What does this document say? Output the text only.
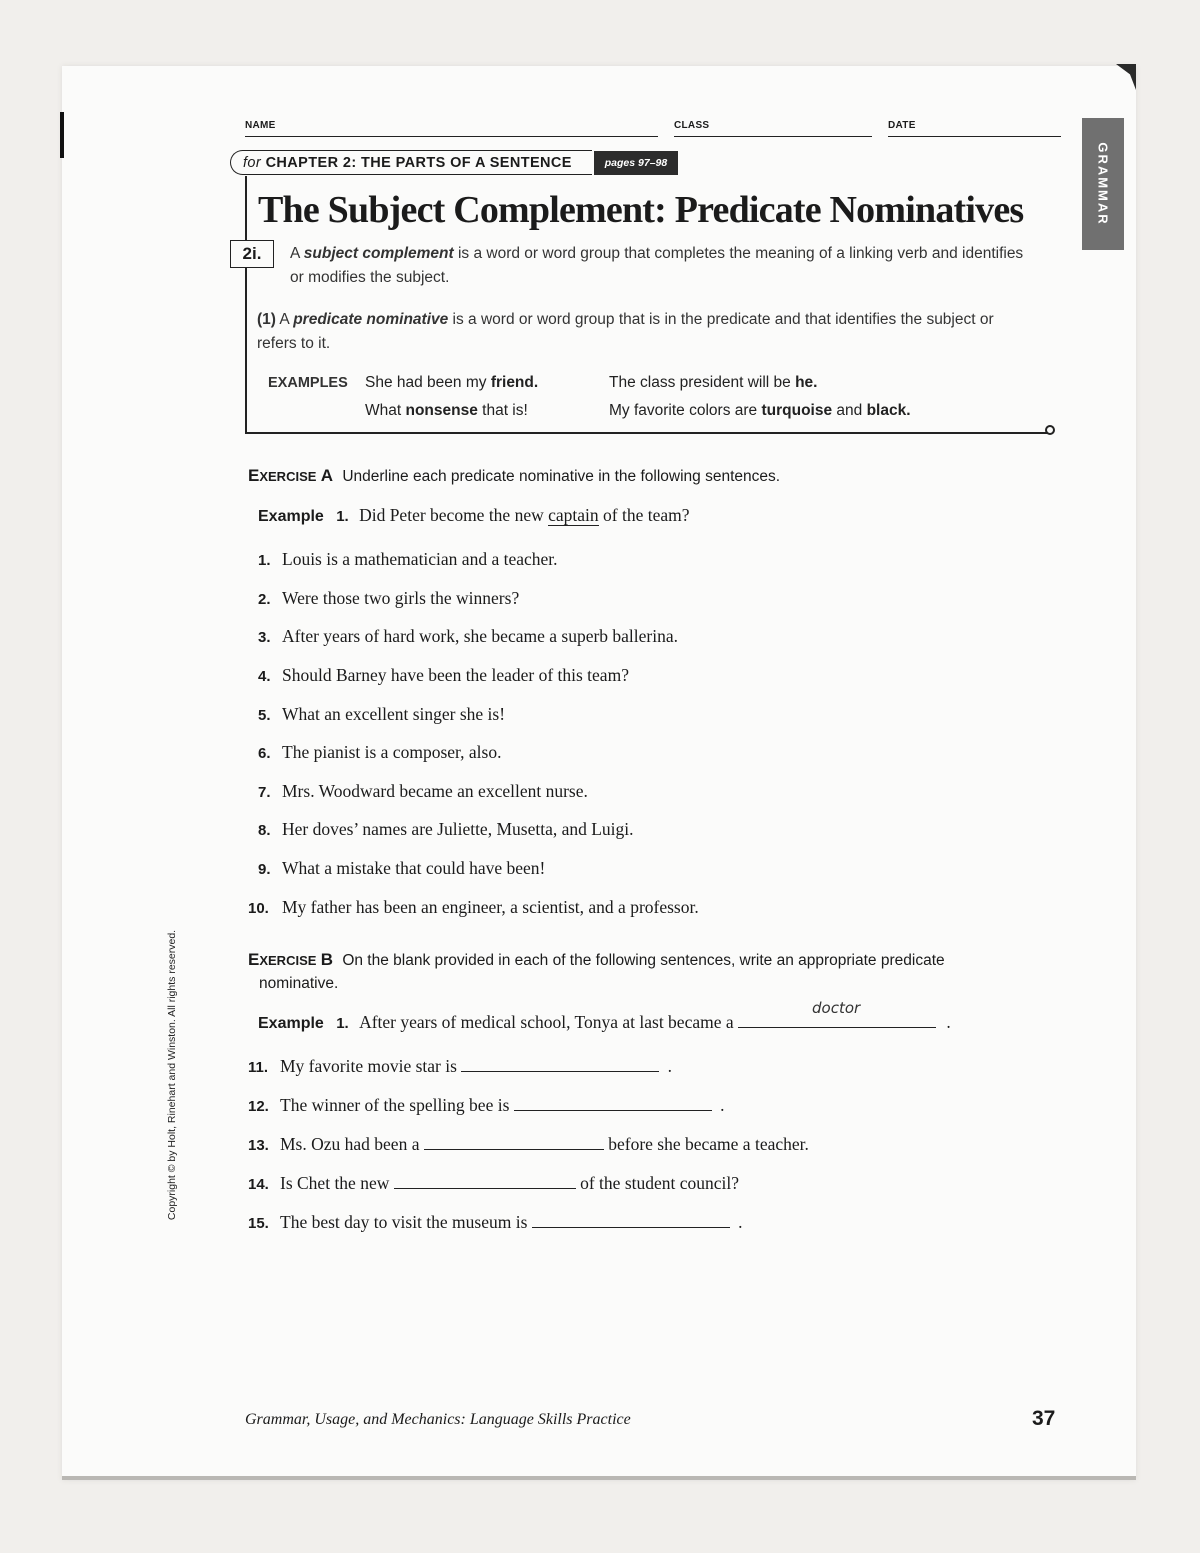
NAME	CLASS	DATE
for CHAPTER 2: THE PARTS OF A SENTENCE	pages 97–98	GRAMMAR
The Subject Complement: Predicate Nominatives
2i.	A subject complement is a word or word group that completes the meaning of a linking verb and identifies or modifies the subject.
(1) A predicate nominative is a word or word group that is in the predicate and that identifies the subject or refers to it.
EXAMPLES She had been my friend.	The class president will be he.
What nonsense that is!	My favorite colors are turquoise and black.
EXERCISE A Underline each predicate nominative in the following sentences.
Example 1. Did Peter become the new captain of the team?
1. Louis is a mathematician and a teacher.
2. Were those two girls the winners?
3. After years of hard work, she became a superb ballerina.
4. Should Barney have been the leader of this team?
5. What an excellent singer she is!
6. The pianist is a composer, also.
7. Mrs. Woodward became an excellent nurse.
8. Her doves’ names are Juliette, Musetta, and Luigi.
9. What a mistake that could have been!
10. My father has been an engineer, a scientist, and a professor.
EXERCISE B On the blank provided in each of the following sentences, write an appropriate predicate
nominative.
Example 1. After years of medical school, Tonya at last became a
doctor
.
11. My favorite movie star is	.
12. The winner of the spelling bee is	.
13. Ms. Ozu had been a	before she became a teacher.
14. Is Chet the new	of the student council?
15. The best day to visit the museum is	.
Copyright © by Holt, Rinehart and Winston. All rights reserved.
Grammar, Usage, and Mechanics: Language Skills Practice	37
